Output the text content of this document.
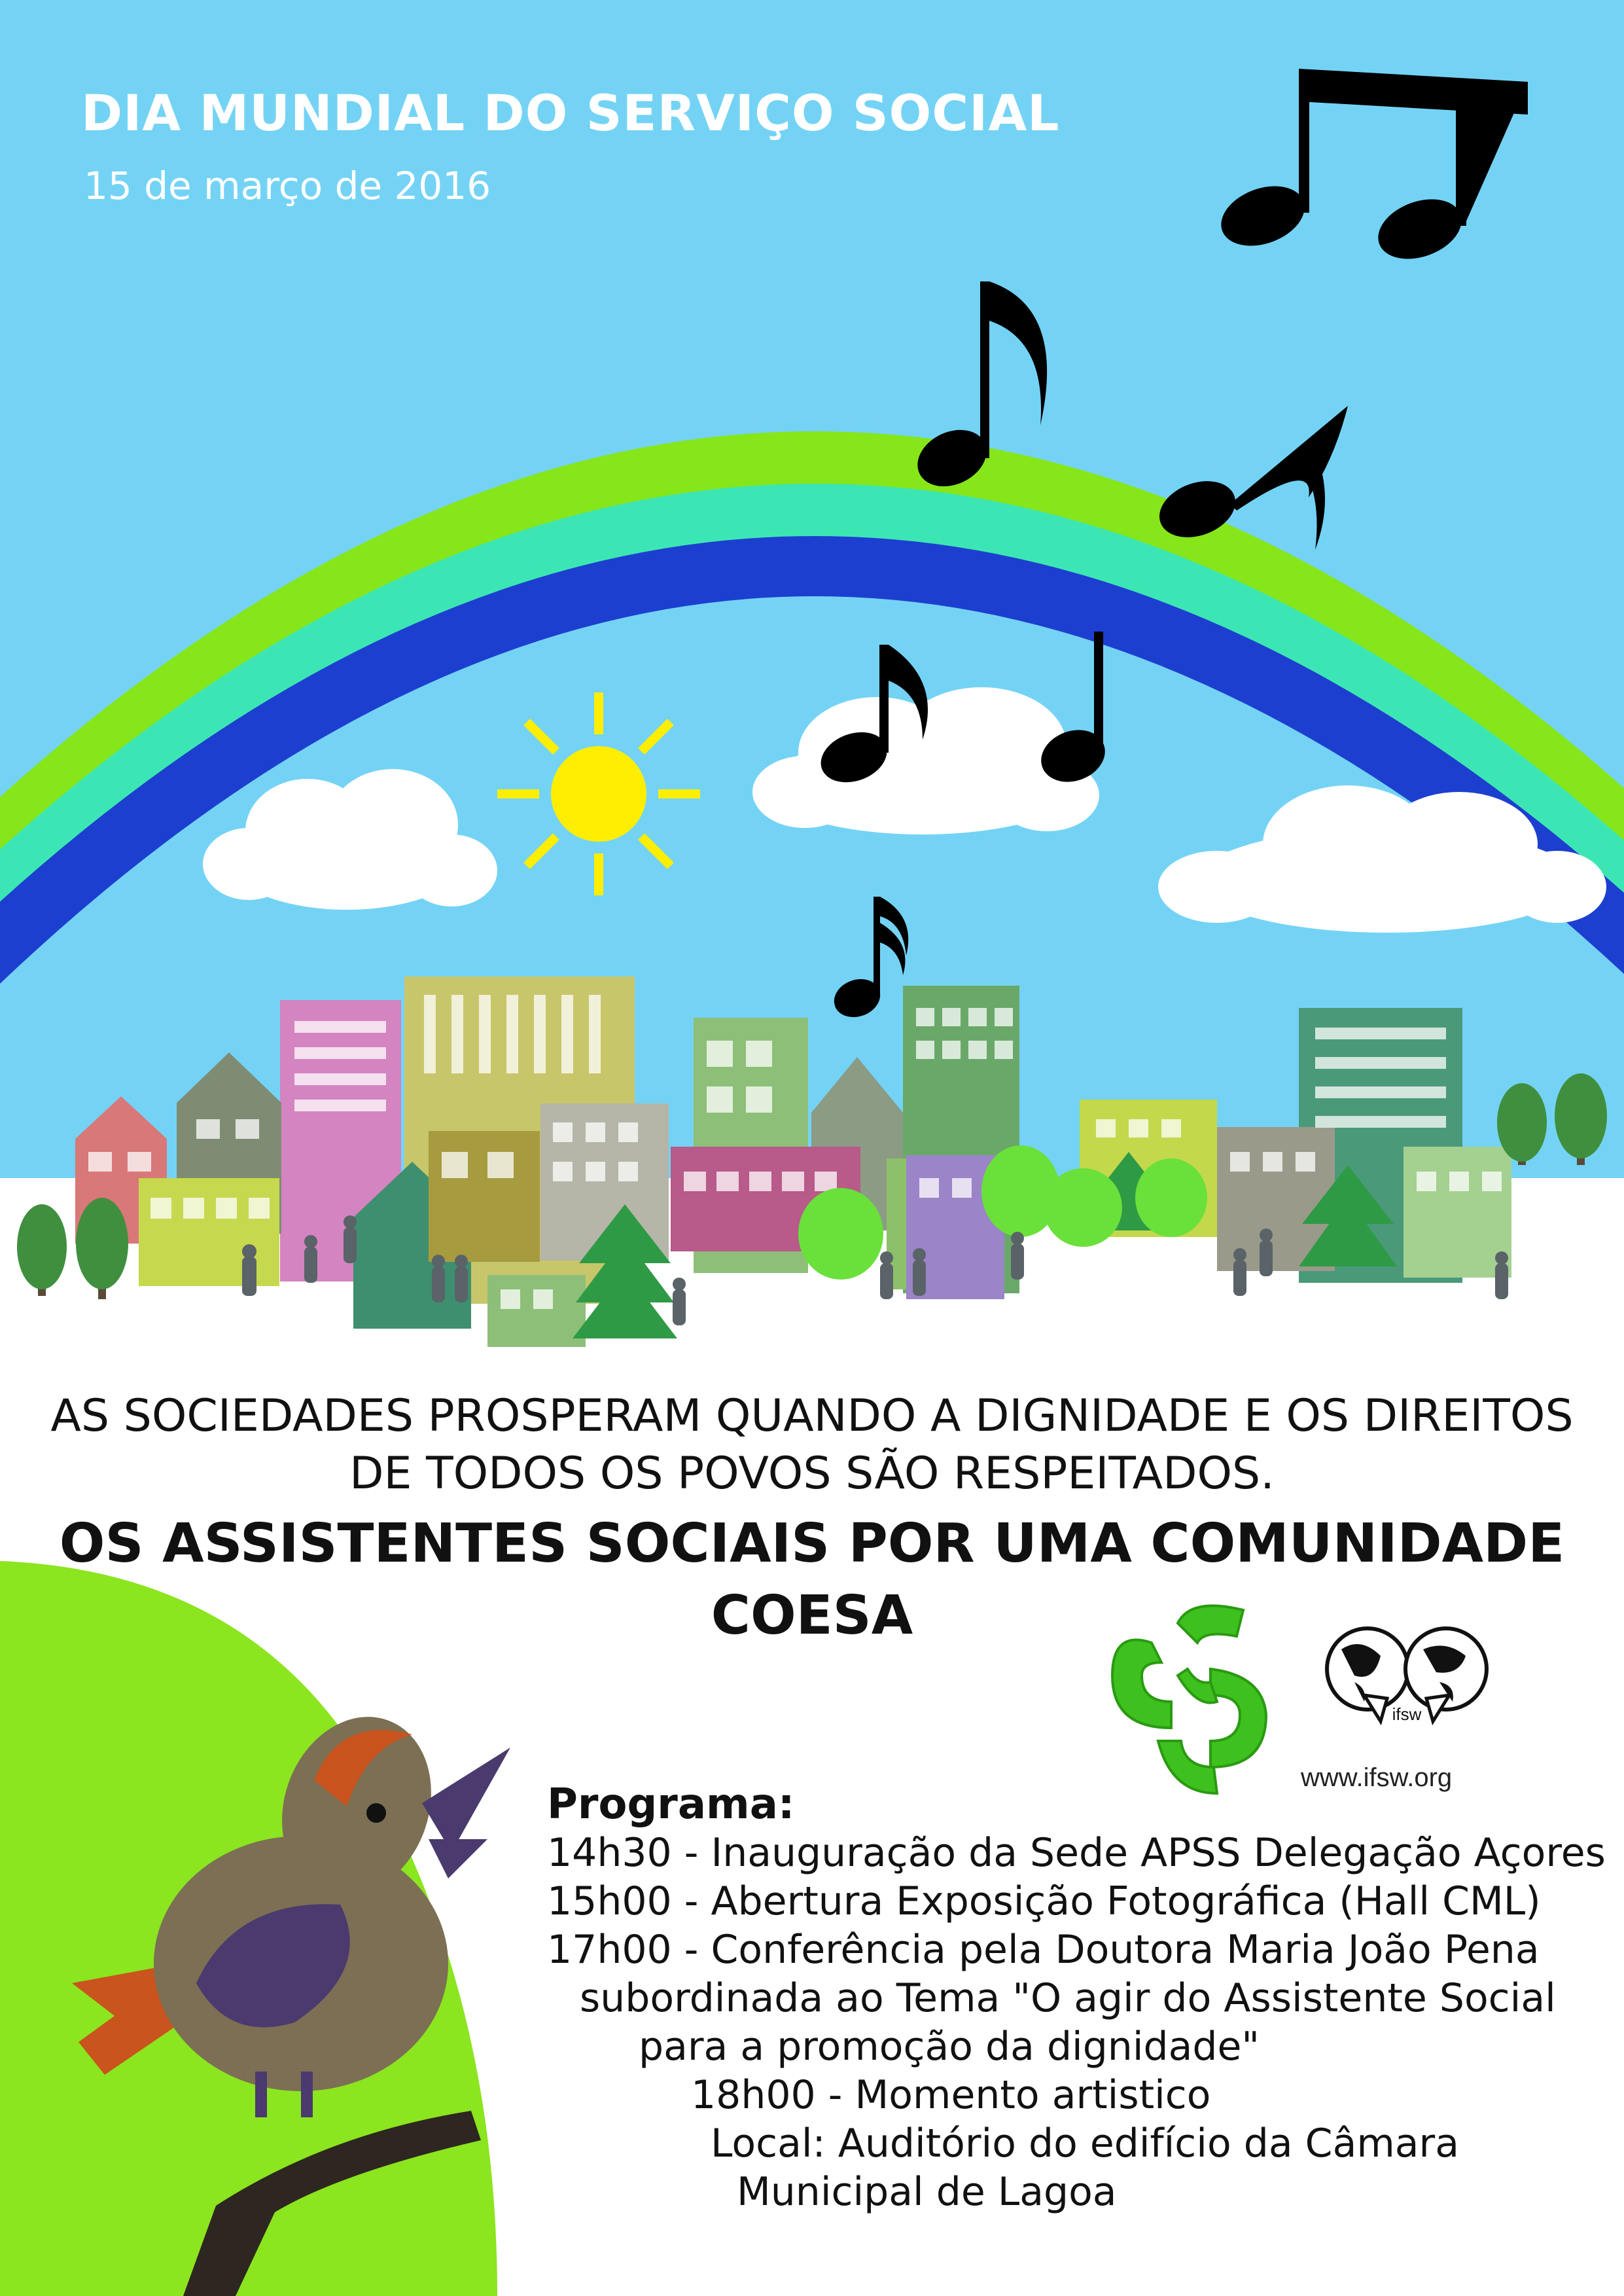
ifsw
DIA MUNDIAL DO SERVIÇO SOCIAL
15 de março de 2016
AS SOCIEDADES PROSPERAM QUANDO A DIGNIDADE E OS DIREITOS
DE TODOS OS POVOS SÃO RESPEITADOS.
OS ASSISTENTES SOCIAIS POR UMA COMUNIDADE COESA
www.ifsw.org
Programa:
14h30 - Inauguração da Sede APSS Delegação Açores
15h00 - Abertura Exposição Fotográfica (Hall CML)
17h00 - Conferência pela Doutora Maria João Pena
subordinada ao Tema "O agir do Assistente Social
para a promoção da dignidade"
18h00 - Momento artistico
Local: Auditório do edifício da Câmara
Municipal de Lagoa
